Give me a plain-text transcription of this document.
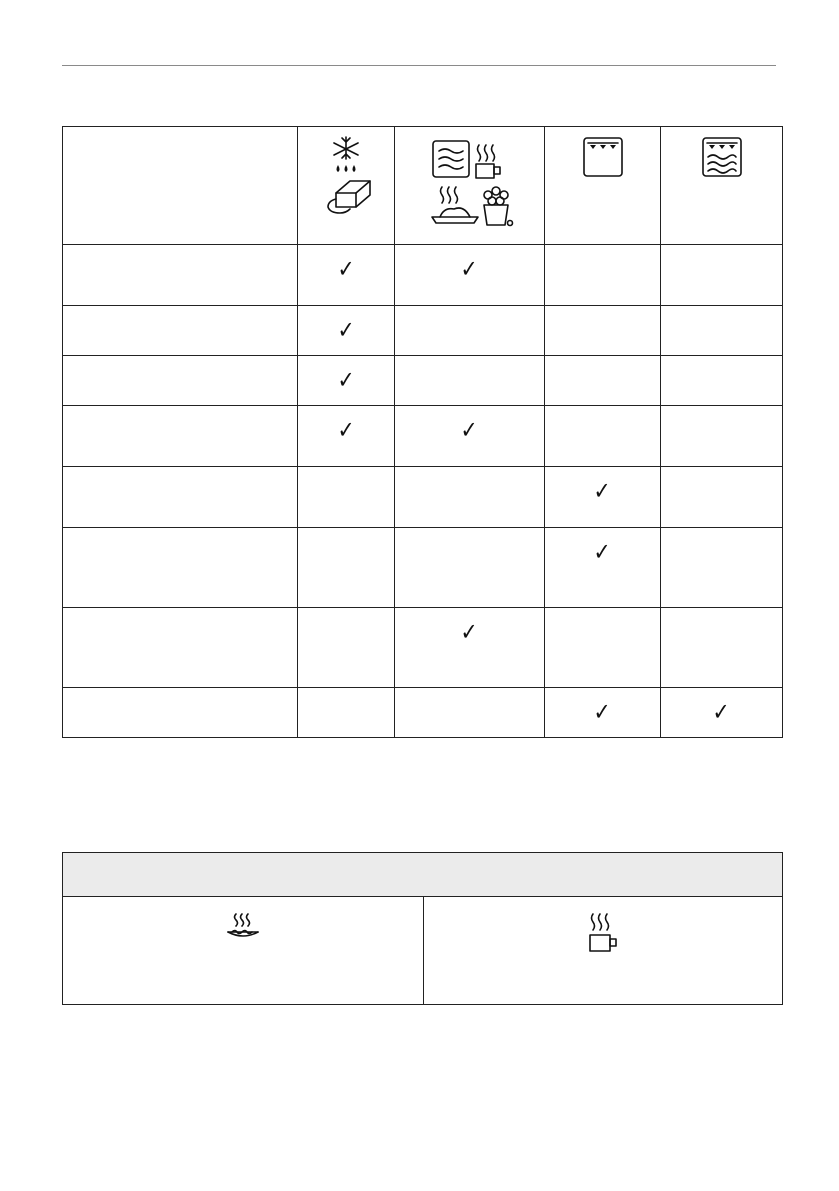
	✓	✓		
	✓			
	✓			
	✓	✓		
			✓	
			✓	
		✓		
			✓	✓
